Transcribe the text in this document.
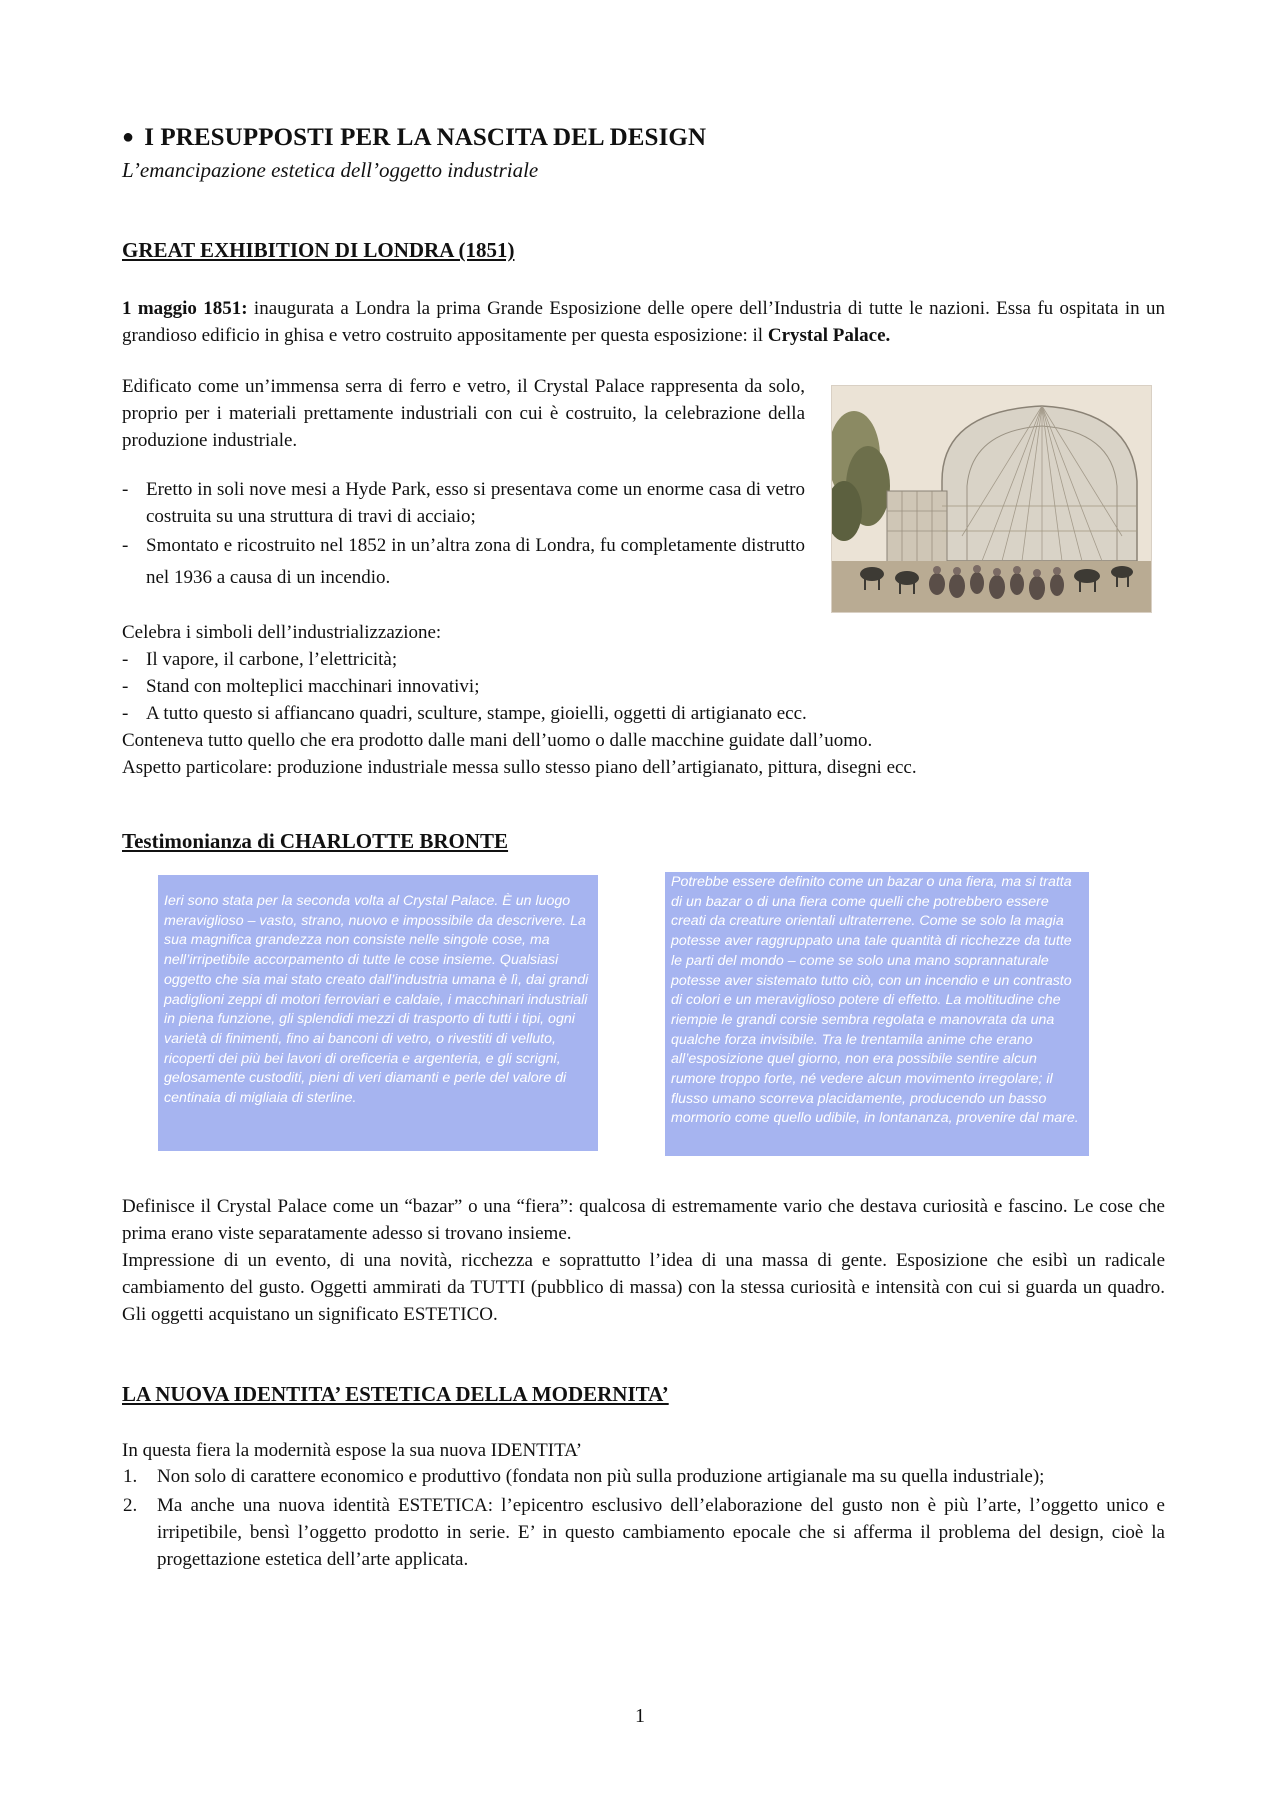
● I PRESUPPOSTI PER LA NASCITA DEL DESIGN
L’emancipazione estetica dell’oggetto industriale
GREAT EXHIBITION DI LONDRA (1851)
1 maggio 1851: inaugurata a Londra la prima Grande Esposizione delle opere dell’Industria di tutte le nazioni. Essa fu ospitata in un grandioso edificio in ghisa e vetro costruito appositamente per questa esposizione: il Crystal Palace.
Edificato come un’immensa serra di ferro e vetro, il Crystal Palace rappresenta da solo, proprio per i materiali prettamente industriali con cui è costruito, la celebrazione della produzione industriale.
- Eretto in soli nove mesi a Hyde Park, esso si presentava come un enorme casa di vetro costruita su una struttura di travi di acciaio;
- Smontato e ricostruito nel 1852 in un’altra zona di Londra, fu completamente distrutto nel 1936 a causa di un incendio.
Celebra i simboli dell’industrializzazione:
- Il vapore, il carbone, l’elettricità;
- Stand con molteplici macchinari innovativi;
- A tutto questo si affiancano quadri, sculture, stampe, gioielli, oggetti di artigianato ecc.
Conteneva tutto quello che era prodotto dalle mani dell’uomo o dalle macchine guidate dall’uomo.
Aspetto particolare: produzione industriale messa sullo stesso piano dell’artigianato, pittura, disegni ecc.
Testimonianza di CHARLOTTE BRONTE
Ieri sono stata per la seconda volta al Crystal Palace. È un luogo meraviglioso – vasto, strano, nuovo e impossibile da descrivere. La sua magnifica grandezza non consiste nelle singole cose, ma nell’irripetibile accorpamento di tutte le cose insieme. Qualsiasi oggetto che sia mai stato creato dall’industria umana è lì, dai grandi padiglioni zeppi di motori ferroviari e caldaie, i macchinari industriali in piena funzione, gli splendidi mezzi di trasporto di tutti i tipi, ogni varietà di finimenti, fino ai banconi di vetro, o rivestiti di velluto, ricoperti dei più bei lavori di oreficeria e argenteria, e gli scrigni, gelosamente custoditi, pieni di veri diamanti e perle del valore di centinaia di migliaia di sterline.
Potrebbe essere definito come un bazar o una fiera, ma si tratta di un bazar o di una fiera come quelli che potrebbero essere creati da creature orientali ultraterrene. Come se solo la magia potesse aver raggruppato una tale quantità di ricchezze da tutte le parti del mondo – come se solo una mano soprannaturale potesse aver sistemato tutto ciò, con un incendio e un contrasto di colori e un meraviglioso potere di effetto. La moltitudine che riempie le grandi corsie sembra regolata e manovrata da una qualche forza invisibile. Tra le trentamila anime che erano all’esposizione quel giorno, non era possibile sentire alcun rumore troppo forte, né vedere alcun movimento irregolare; il flusso umano scorreva placidamente, producendo un basso mormorio come quello udibile, in lontananza, provenire dal mare.
Definisce il Crystal Palace come un “bazar” o una “fiera”: qualcosa di estremamente vario che destava curiosità e fascino. Le cose che prima erano viste separatamente adesso si trovano insieme.
Impressione di un evento, di una novità, ricchezza e soprattutto l’idea di una massa di gente. Esposizione che esibì un radicale cambiamento del gusto. Oggetti ammirati da TUTTI (pubblico di massa) con la stessa curiosità e intensità con cui si guarda un quadro. Gli oggetti acquistano un significato ESTETICO.
LA NUOVA IDENTITA’ ESTETICA DELLA MODERNITA’
In questa fiera la modernità espose la sua nuova IDENTITA’
1. Non solo di carattere economico e produttivo (fondata non più sulla produzione artigianale ma su quella industriale);
2. Ma anche una nuova identità ESTETICA: l’epicentro esclusivo dell’elaborazione del gusto non è più l’arte, l’oggetto unico e irripetibile, bensì l’oggetto prodotto in serie. E’ in questo cambiamento epocale che si afferma il problema del design, cioè la progettazione estetica dell’arte applicata.
1
